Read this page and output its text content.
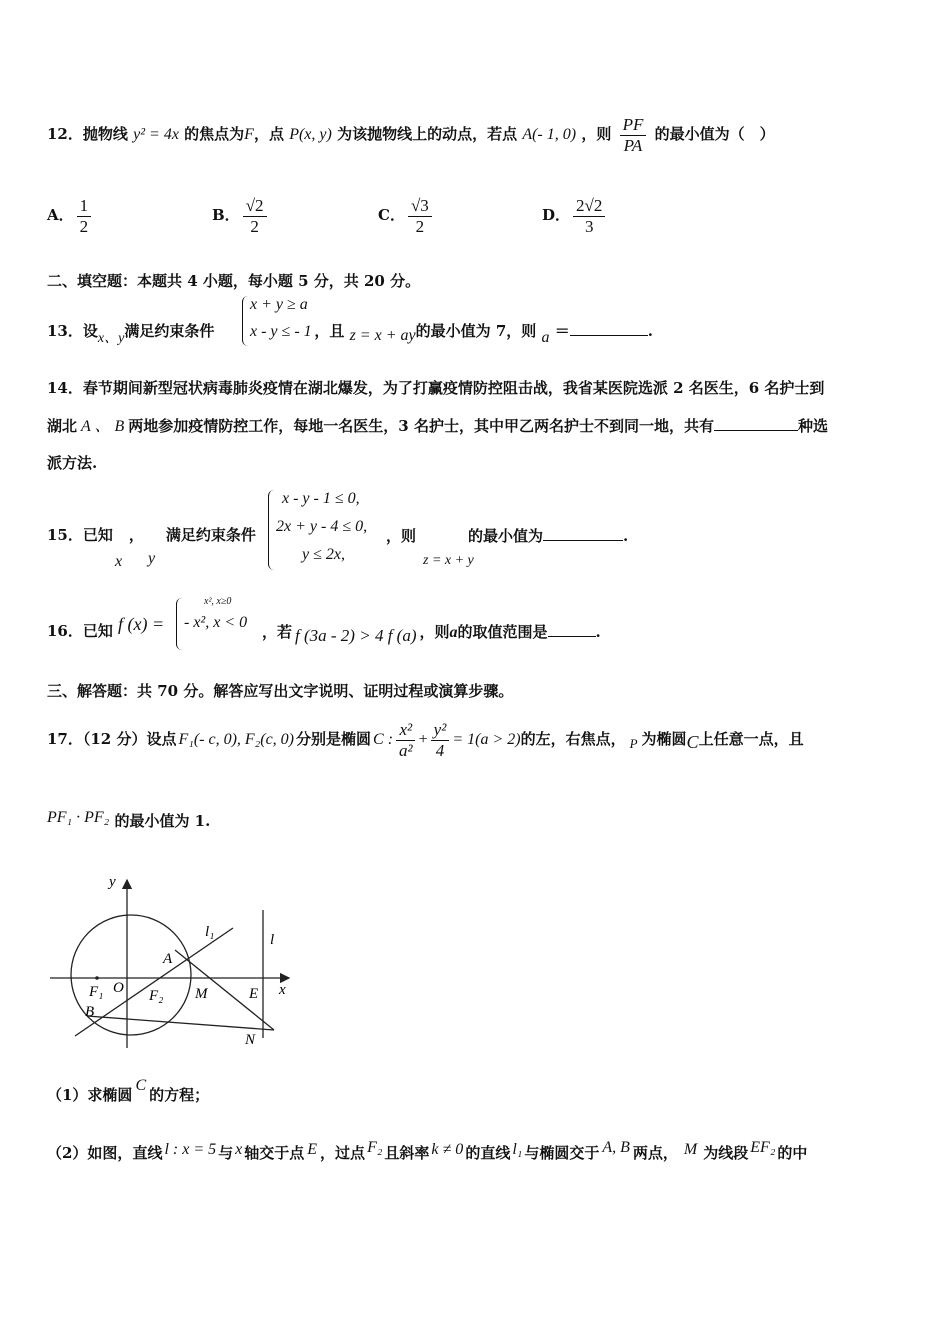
12．抛物线 y² = 4x 的焦点为F，点 P(x, y) 为该抛物线上的动点，若点 A(- 1, 0) ，则 $\frac{PF}{PA}$ 的最小值为（　）
A． $\frac{1}{2}$	B． $\frac{√2}{2}$	C． $\frac{√3}{2}$	D． $\frac{2√2}{3}$
二、填空题：本题共 4 小题，每小题 5 分，共 20 分。
13．设x、y满足约束条件	，且 z = x + ay的最小值为 7，则 a ＝	.
x + y ≥ a
x - y ≤ - 1
14．春节期间新型冠状病毒肺炎疫情在湖北爆发，为了打赢疫情防控阻击战，我省某医院选派 2 名医生，6 名护士到
湖北 A 、 B 两地参加疫情防控工作，每地一名医生，3 名护士，其中甲乙两名护士不到同一地，共有	种选
派方法.
15．已知 ， 满足约束条件
x y
x - y - 1 ≤ 0,
2x + y - 4 ≤ 0,
y ≤ 2x,
，则	的最小值为	.
z = x + y
16．已知 f (x) =
x², x≥0
- x², x < 0
，若 f (3a - 2) > 4 f (a) ，则a的取值范围是	.
三、解答题：共 70 分。解答应写出文字说明、证明过程或演算步骤。
17．（12 分）设点 F₁(- c, 0), F₂(c, 0) 分别是椭圆 C : $\frac{\text{x²}}{\text{a²}} + \frac{\text{y²}}{4} = 1(a > 2)$的左，右焦点， P 为椭圆C上任意一点，且
PF₁ · PF₂ 的最小值为 1.
y
l₁	l
A
F₁ O F₂ M	E x
B
N
（1）求椭圆C的方程；
（2）如图，直线 l : x = 5 与 x 轴交于点 E ，过点 F₂ 且斜率 k ≠ 0 的直线 l₁ 与椭圆交于 A, B 两点， M 为线段 EF₂ 的中
